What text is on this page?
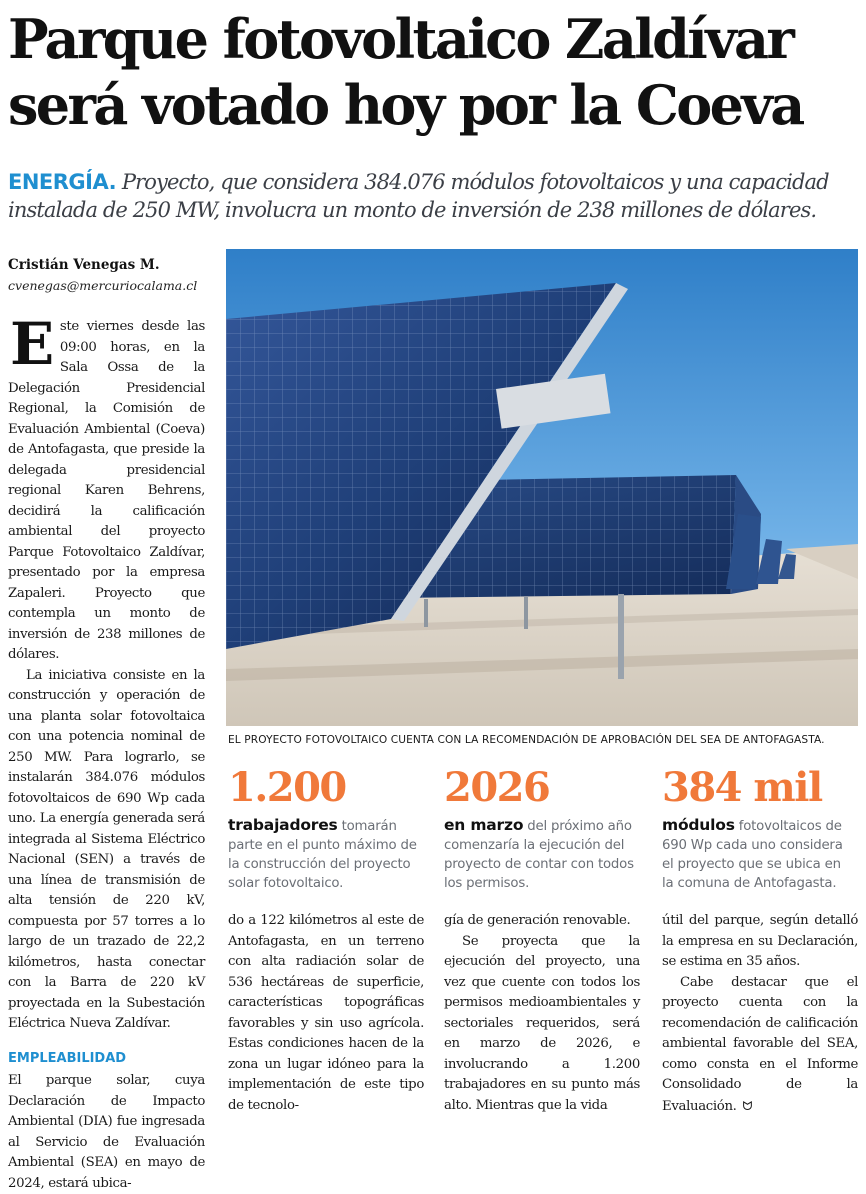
Parque fotovoltaico Zaldívar
será votado hoy por la Coeva

ENERGÍA. Proyecto, que considera 384.076 módulos fotovoltaicos y una capacidad instalada de 250 MW, involucra un monto de inversión de 238 millones de dólares.

Cristián Venegas M.
cvenegas@mercuriocalama.cl
E ste viernes desde las 09:00 horas, en la Sala Ossa de la Delegación Presidencial Regional, la Comisión de Evaluación Ambiental (Coeva) de Antofagasta, que preside la delegada presidencial regional Karen Behrens, decidirá la calificación ambiental del proyecto Parque Fotovoltaico Zaldívar, presentado por la empresa Zapaleri. Proyecto que contempla un monto de inversión de 238 millones de dólares.

La iniciativa consiste en la construcción y operación de una planta solar fotovoltaica con una potencia nominal de 250 MW. Para lograrlo, se instalarán 384.076 módulos fotovoltaicos de 690 Wp cada uno. La energía generada será integrada al Sistema Eléctrico Nacional (SEN) a través de una línea de transmisión de alta tensión de 220 kV, compuesta por 57 torres a lo largo de un trazado de 22,2 kilómetros, hasta conectar con la Barra de 220 kV proyectada en la Subestación Eléctrica Nueva Zaldívar.

EMPLEABILIDAD

El parque solar, cuya Declaración de Impacto Ambiental (DIA) fue ingresada al Servicio de Evaluación Ambiental (SEA) en mayo de 2024, estará ubica-

EL PROYECTO FOTOVOLTAICO CUENTA CON LA RECOMENDACIÓN DE APROBACIÓN DEL SEA DE ANTOFAGASTA.
1.200
trabajadores tomarán parte en el punto máximo de la construcción del proyecto solar fotovoltaico.
2026
en marzo del próximo año comenzaría la ejecución del proyecto de contar con todos los permisos.
384 mil
módulos fotovoltaicos de 690 Wp cada uno considera el proyecto que se ubica en la comuna de Antofagasta.

do a 122 kilómetros al este de Antofagasta, en un terreno con alta radiación solar de 536 hectáreas de superficie, características topográficas favorables y sin uso agrícola. Estas condiciones hacen de la zona un lugar idóneo para la implementación de este tipo de tecnolo-

gía de generación renovable.

Se proyecta que la ejecución del proyecto, una vez que cuente con todos los permisos medioambientales y sectoriales requeridos, será en marzo de 2026, e involucrando a 1.200 trabajadores en su punto más alto. Mientras que la vida

útil del parque, según detalló la empresa en su Declaración, se estima en 35 años.

Cabe destacar que el proyecto cuenta con la recomendación de calificación ambiental favorable del SEA, como consta en el Informe Consolidado de la Evaluación. ᗢ
